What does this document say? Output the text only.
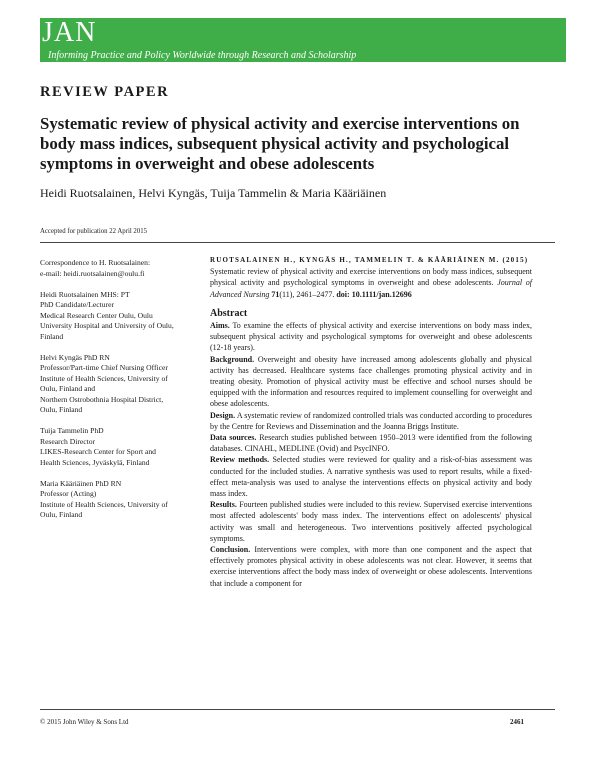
JAN
Informing Practice and Policy Worldwide through Research and Scholarship
REVIEW PAPER
Systematic review of physical activity and exercise interventions on body mass indices, subsequent physical activity and psychological symptoms in overweight and obese adolescents
Heidi Ruotsalainen, Helvi Kyngäs, Tuija Tammelin & Maria Kääriäinen
Accepted for publication 22 April 2015
Correspondence to H. Ruotsalainen:
e-mail: heidi.ruotsalainen@oulu.fi
Heidi Ruotsalainen MHS: PT
PhD Candidate/Lecturer
Medical Research Center Oulu, Oulu
University Hospital and University of Oulu,
Finland
Helvi Kyngäs PhD RN
Professor/Part-time Chief Nursing Officer
Institute of Health Sciences, University of
Oulu, Finland and
Northern Ostrobothnia Hospital District,
Oulu, Finland
Tuija Tammelin PhD
Research Director
LIKES-Research Center for Sport and
Health Sciences, Jyväskylä, Finland
Maria Kääriäinen PhD RN
Professor (Acting)
Institute of Health Sciences, University of
Oulu, Finland
RUOTSALAINEN H., KYNGÄS H., TAMMELIN T. & KÄÄRIÄINEN M. (2015)
Systematic review of physical activity and exercise interventions on body mass indices, subsequent physical activity and psychological symptoms in overweight and obese adolescents. Journal of Advanced Nursing 71(11), 2461–2477. doi: 10.1111/jan.12696
Abstract
Aims. To examine the effects of physical activity and exercise interventions on body mass index, subsequent physical activity and psychological symptoms for overweight and obese adolescents (12-18 years).
Background. Overweight and obesity have increased among adolescents globally and physical activity has decreased. Healthcare systems face challenges promoting physical activity and in treating obesity. Promotion of physical activity must be effective and school nurses should be equipped with the information and resources required to implement counselling for overweight and obese adolescents.
Design. A systematic review of randomized controlled trials was conducted according to procedures by the Centre for Reviews and Dissemination and the Joanna Briggs Institute.
Data sources. Research studies published between 1950–2013 were identified from the following databases. CINAHL, MEDLINE (Ovid) and PsycINFO.
Review methods. Selected studies were reviewed for quality and a risk-of-bias assessment was conducted for the included studies. A narrative synthesis was used to report results, while a fixed-effect meta-analysis was used to analyse the interventions effects on physical activity and body mass index.
Results. Fourteen published studies were included to this review. Supervised exercise interventions most affected adolescents' body mass index. The interventions effect on adolescents' physical activity was small and heterogeneous. Two interventions positively affected psychological symptoms.
Conclusion. Interventions were complex, with more than one component and the aspect that effectively promotes physical activity in obese adolescents was not clear. However, it seems that exercise interventions affect the body mass index of overweight or obese adolescents. Interventions that include a component for
© 2015 John Wiley & Sons Ltd	2461
